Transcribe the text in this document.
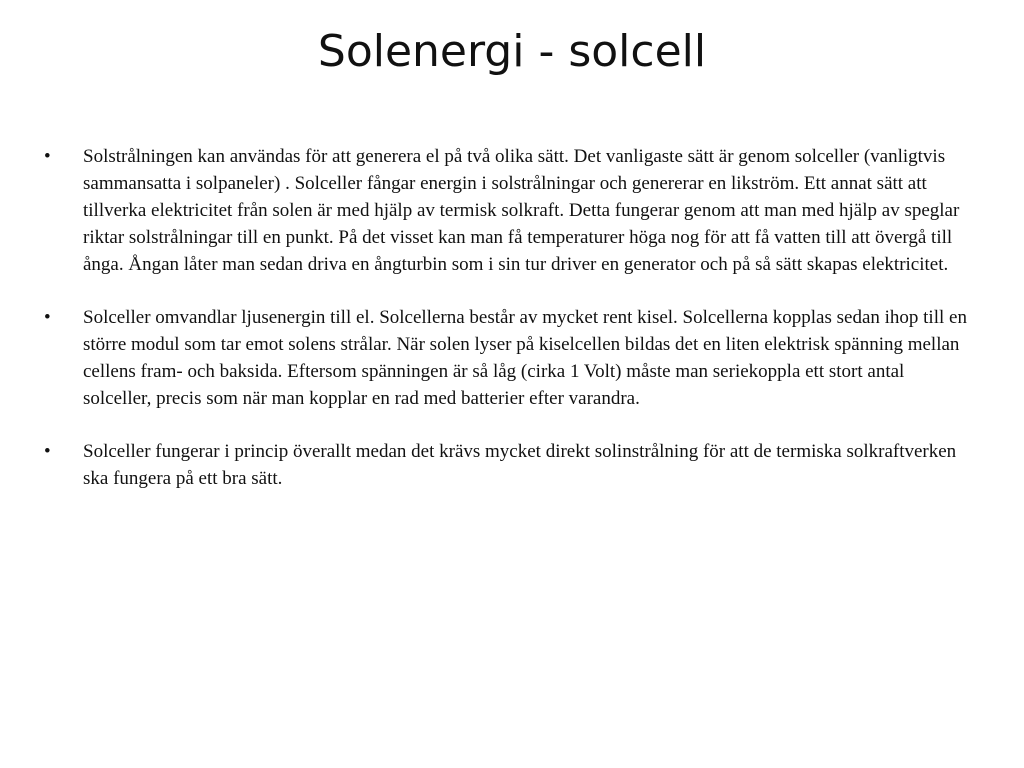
Solenergi - solcell
•	Solstrålningen kan användas för att generera el på två olika sätt. Det vanligaste sätt är genom solceller (vanligtvis sammansatta i solpaneler) . Solceller fångar energin i solstrålningar och genererar en likström. Ett annat sätt att tillverka elektricitet från solen är med hjälp av termisk solkraft. Detta fungerar genom att man med hjälp av speglar riktar solstrålningar till en punkt. På det visset kan man få temperaturer höga nog för att få vatten till att övergå till ånga. Ångan låter man sedan driva en ångturbin som i sin tur driver en generator och på så sätt skapas elektricitet.
•	Solceller omvandlar ljusenergin till el. Solcellerna består av mycket rent kisel. Solcellerna kopplas sedan ihop till en större modul som tar emot solens strålar. När solen lyser på kiselcellen bildas det en liten elektrisk spänning mellan cellens fram- och baksida. Eftersom spänningen är så låg (cirka 1 Volt) måste man seriekoppla ett stort antal solceller, precis som när man kopplar en rad med batterier efter varandra.
•	Solceller fungerar i princip överallt medan det krävs mycket direkt solinstrålning för att de termiska solkraftverken ska fungera på ett bra sätt.
